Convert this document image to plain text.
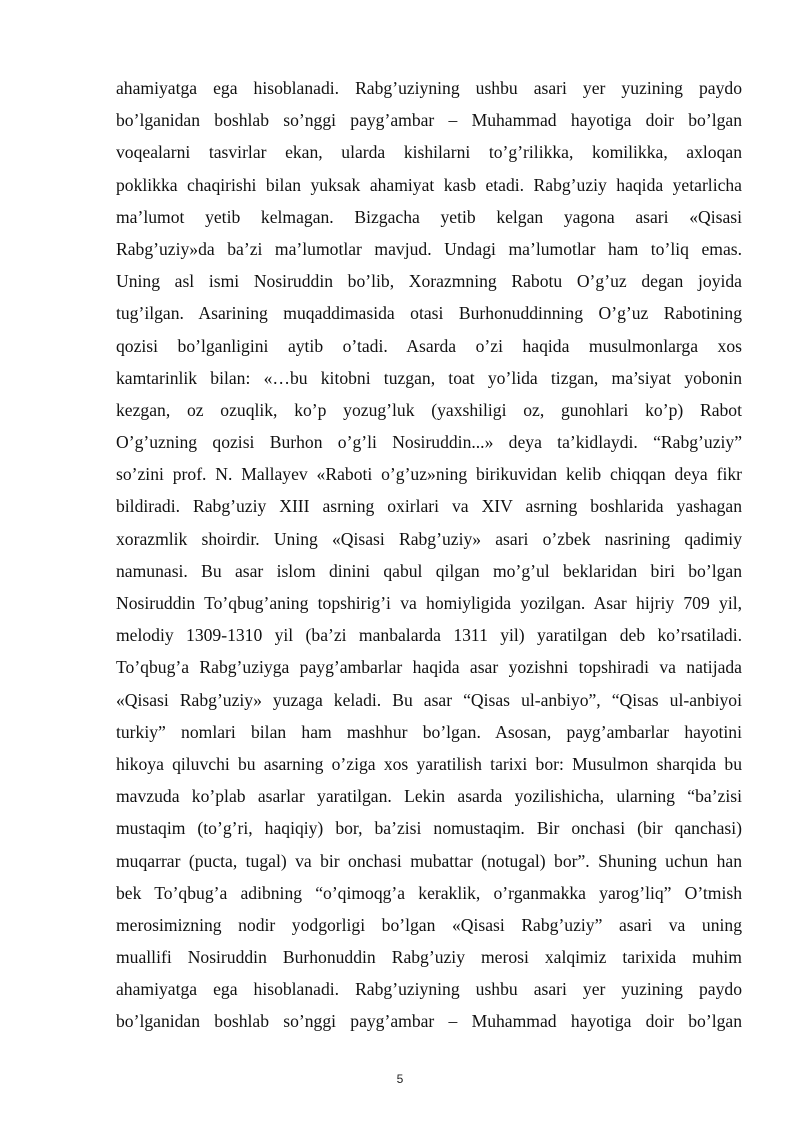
ahamiyatga ega hisoblanadi. Rabg’uziyning ushbu asari yer yuzining paydo
bo’lganidan boshlab so’nggi payg’ambar – Muhammad hayotiga doir bo’lgan
voqealarni tasvirlar ekan, ularda kishilarni to’g’rilikka, komilikka, axloqan
poklikka chaqirishi bilan yuksak ahamiyat kasb etadi. Rabg’uziy haqida yetarlicha
ma’lumot yetib kelmagan. Bizgacha yetib kelgan yagona asari «Qisasi
Rabg’uziy»da ba’zi ma’lumotlar mavjud. Undagi ma’lumotlar ham to’liq emas.
Uning asl ismi Nosiruddin bo’lib, Xorazmning Rabotu O’g’uz degan joyida
tug’ilgan. Asarining muqaddimasida otasi Burhonuddinning O’g’uz Rabotining
qozisi bo’lganligini aytib o’tadi. Asarda o’zi haqida musulmonlarga xos
kamtarinlik bilan: «…bu kitobni tuzgan, toat yo’lida tizgan, ma’siyat yobonin
kezgan, oz ozuqlik, ko’p yozug’luk (yaxshiligi oz, gunohlari ko’p) Rabot
O’g’uzning qozisi Burhon o’g’li Nosiruddin...» deya ta’kidlaydi. “Rabg’uziy”
so’zini prof. N. Mallayev «Raboti o’g’uz»ning birikuvidan kelib chiqqan deya fikr
bildiradi. Rabg’uziy XIII asrning oxirlari va XIV asrning boshlarida yashagan
xorazmlik shoirdir. Uning «Qisasi Rabg’uziy» asari o’zbek nasrining qadimiy
namunasi. Bu asar islom dinini qabul qilgan mo’g’ul beklaridan biri bo’lgan
Nosiruddin To’qbug’aning topshirig’i va homiyligida yozilgan. Asar hijriy 709 yil,
melodiy 1309-1310 yil (ba’zi manbalarda 1311 yil) yaratilgan deb ko’rsatiladi.
To’qbug’a Rabg’uziyga payg’ambarlar haqida asar yozishni topshiradi va natijada
«Qisasi Rabg’uziy» yuzaga keladi. Bu asar “Qisas ul-anbiyo”, “Qisas ul-anbiyoi
turkiy” nomlari bilan ham mashhur bo’lgan. Asosan, payg’ambarlar hayotini
hikoya qiluvchi bu asarning o’ziga xos yaratilish tarixi bor: Musulmon sharqida bu
mavzuda ko’plab asarlar yaratilgan. Lekin asarda yozilishicha, ularning “ba’zisi
mustaqim (to’g’ri, haqiqiy) bor, ba’zisi nomustaqim. Bir onchasi (bir qanchasi)
muqarrar (pucta, tugal) va bir onchasi mubattar (notugal) bor”. Shuning uchun han
bek To’qbug’a adibning “o’qimoqg’a keraklik, o’rganmakka yarog’liq” O’tmish
merosimizning nodir yodgorligi bo’lgan «Qisasi Rabg’uziy” asari va uning
muallifi Nosiruddin Burhonuddin Rabg’uziy merosi xalqimiz tarixida muhim
ahamiyatga ega hisoblanadi. Rabg’uziyning ushbu asari yer yuzining paydo
bo’lganidan boshlab so’nggi payg’ambar – Muhammad hayotiga doir bo’lgan
5
